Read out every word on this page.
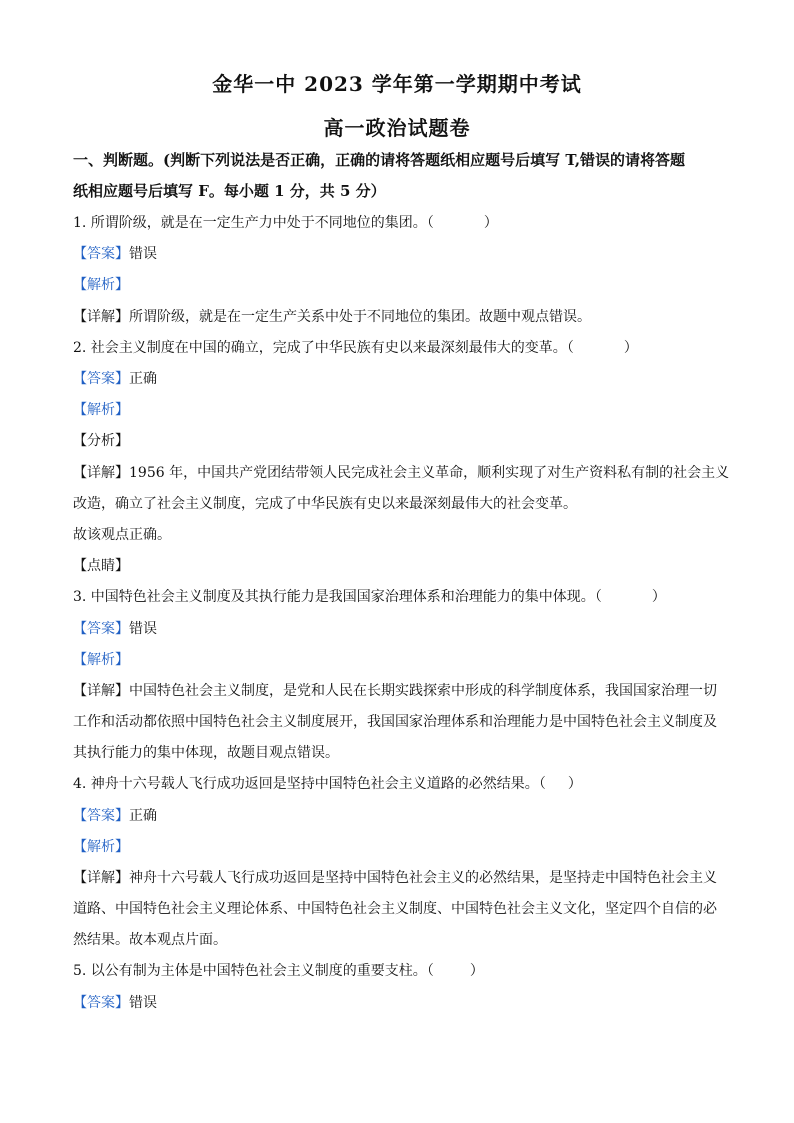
金华一中 2023 学年第一学期期中考试
高一政治试题卷
一、判断题。(判断下列说法是否正确，正确的请将答题纸相应题号后填写 T,错误的请将答题
纸相应题号后填写 F。每小题 1 分，共 5 分）
1. 所谓阶级，就是在一定生产力中处于不同地位的集团。（	）
【答案】错误
【解析】
【详解】所谓阶级，就是在一定生产关系中处于不同地位的集团。故题中观点错误。
2. 社会主义制度在中国的确立，完成了中华民族有史以来最深刻最伟大的变革。（	）
【答案】正确
【解析】
【分析】
【详解】1956 年，中国共产党团结带领人民完成社会主义革命，顺利实现了对生产资料私有制的社会主义
改造，确立了社会主义制度，完成了中华民族有史以来最深刻最伟大的社会变革。
故该观点正确。
【点睛】
3. 中国特色社会主义制度及其执行能力是我国国家治理体系和治理能力的集中体现。（	）
【答案】错误
【解析】
【详解】中国特色社会主义制度，是党和人民在长期实践探索中形成的科学制度体系，我国国家治理一切
工作和活动都依照中国特色社会主义制度展开，我国国家治理体系和治理能力是中国特色社会主义制度及
其执行能力的集中体现，故题目观点错误。
4. 神舟十六号载人飞行成功返回是坚持中国特色社会主义道路的必然结果。（ ）
【答案】正确
【解析】
【详解】神舟十六号载人飞行成功返回是坚持中国特色社会主义的必然结果，是坚持走中国特色社会主义
道路、中国特色社会主义理论体系、中国特色社会主义制度、中国特色社会主义文化，坚定四个自信的必
然结果。故本观点片面。
5. 以公有制为主体是中国特色社会主义制度的重要支柱。（	）
【答案】错误
